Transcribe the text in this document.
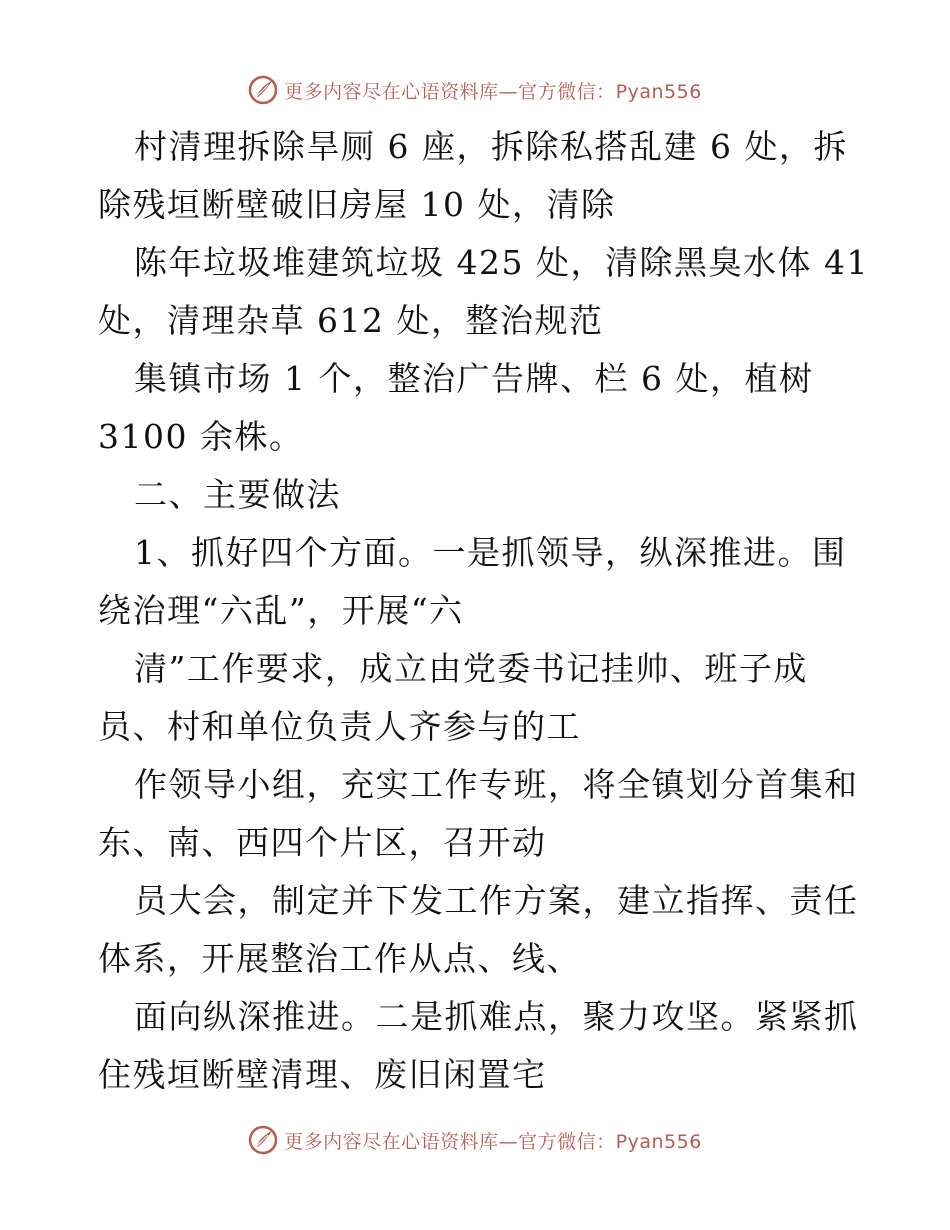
更多内容尽在心语资料库—官方微信：Pyan556

村清理拆除旱厕 6 座，拆除私搭乱建 6 处，拆
除残垣断壁破旧房屋 10 处，清除

陈年垃圾堆建筑垃圾 425 处，清除黑臭水体 41
处，清理杂草 612 处，整治规范

集镇市场 1 个，整治广告牌、栏 6 处，植树
3100 余株。

二、主要做法

1、抓好四个方面。一是抓领导，纵深推进。围
绕治理“六乱”，开展“六

清”工作要求，成立由党委书记挂帅、班子成
员、村和单位负责人齐参与的工

作领导小组，充实工作专班，将全镇划分首集和
东、南、西四个片区，召开动

员大会，制定并下发工作方案，建立指挥、责任
体系，开展整治工作从点、线、

面向纵深推进。二是抓难点，聚力攻坚。紧紧抓
住残垣断壁清理、废旧闲置宅

更多内容尽在心语资料库—官方微信：Pyan556
